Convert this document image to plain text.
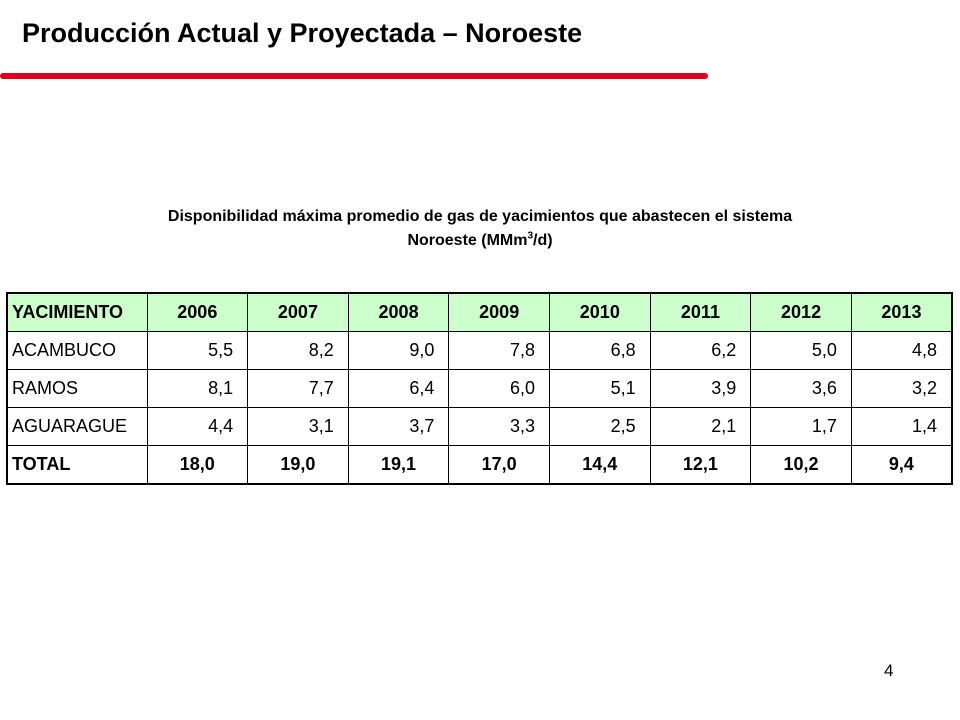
Producción Actual y Proyectada – Noroeste
Disponibilidad máxima promedio de gas de yacimientos que abastecen el sistema
Noroeste (MMm$^3$/d)
YACIMIENTO	2006	2007	2008	2009	2010	2011	2012	2013
ACAMBUCO	5,5	8,2	9,0	7,8	6,8	6,2	5,0	4,8
RAMOS	8,1	7,7	6,4	6,0	5,1	3,9	3,6	3,2
AGUARAGUE	4,4	3,1	3,7	3,3	2,5	2,1	1,7	1,4
TOTAL	18,0	19,0	19,1	17,0	14,4	12,1	10,2	9,4
4
